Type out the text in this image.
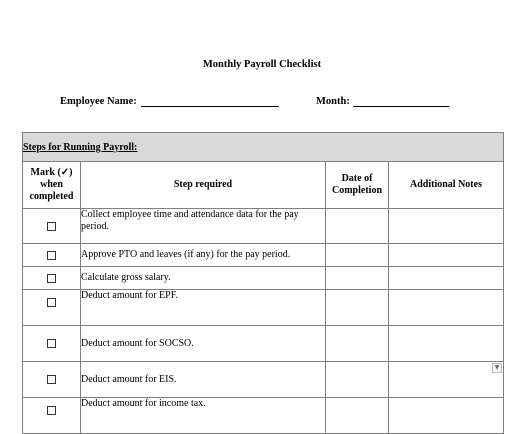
Monthly Payroll Checklist
Employee Name:	Month:
Steps for Running Payroll:			
Mark (✓) when completed	Step required	Date of Completion	Additional Notes
	Collect employee time and attendance data for the pay period.		
	Approve PTO and leaves (if any) for the pay period.		
	Calculate gross salary.		
	Deduct amount for EPF.		
	Deduct amount for SOCSO.		
	Deduct amount for EIS.		
	Deduct amount for income tax.		
▼
